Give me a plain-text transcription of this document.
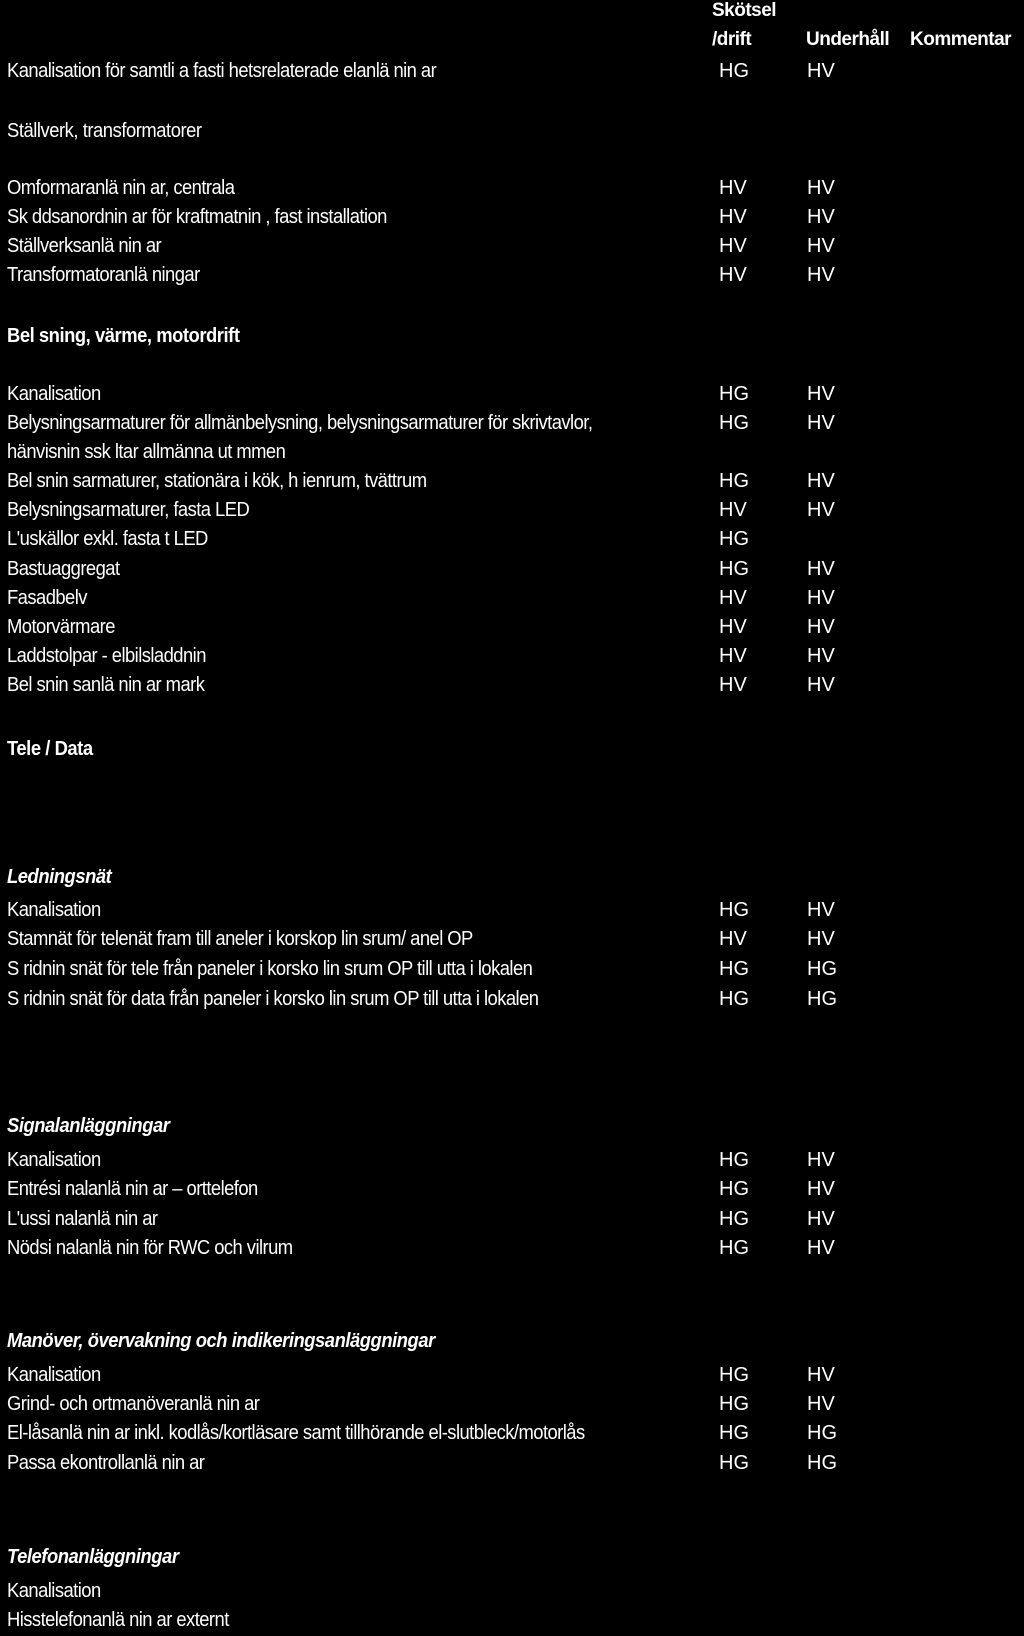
Skötsel
/drift	Underhåll Kommentar
Kanalisation för samtli a fasti hetsrelaterade elanlä nin ar	HG	HV
Ställverk, transformatorer
Omformaranlä nin ar, centrala	HV	HV
Sk ddsanordnin ar för kraftmatnin , fast installation	HV	HV
Ställverksanlä nin ar	HV	HV
Transformatoranlä ningar	HV	HV
Bel sning, värme, motordrift
Kanalisation	HG	HV
Belysningsarmaturer för allmänbelysning, belysningsarmaturer för skrivtavlor,	HG	HV
hänvisnin ssk ltar allmänna ut mmen
Bel snin sarmaturer, stationära i kök, h ienrum, tvättrum	HG	HV
Belysningsarmaturer, fasta LED	HV	HV
L'uskällor exkl. fasta t LED	HG
Bastuaggregat	HG	HV
Fasadbelv	HV	HV
Motorvärmare	HV	HV
Laddstolpar - elbilsladdnin	HV	HV
Bel snin sanlä nin ar mark	HV	HV
Tele / Data
Ledningsnät
Kanalisation	HG	HV
Stamnät för telenät fram till aneler i korskop lin srum/ anel OP	HV	HV
S ridnin snät för tele från paneler i korsko lin srum OP till utta i lokalen	HG	HG
S ridnin snät för data från paneler i korsko lin srum OP till utta i lokalen	HG	HG
Signalanläggningar
Kanalisation	HG	HV
Entrési nalanlä nin ar – orttelefon	HG	HV
L'ussi nalanlä nin ar	HG	HV
Nödsi nalanlä nin för RWC och vilrum	HG	HV
Manöver, övervakning och indikeringsanläggningar
Kanalisation	HG	HV
Grind- och ortmanöveranlä nin ar	HG	HV
El-låsanlä nin ar inkl. kodlås/kortläsare samt tillhörande el-slutbleck/motorlås	HG	HG
Passa ekontrollanlä nin ar	HG	HG
Telefonanläggningar
Kanalisation
Hisstelefonanlä nin ar externt
